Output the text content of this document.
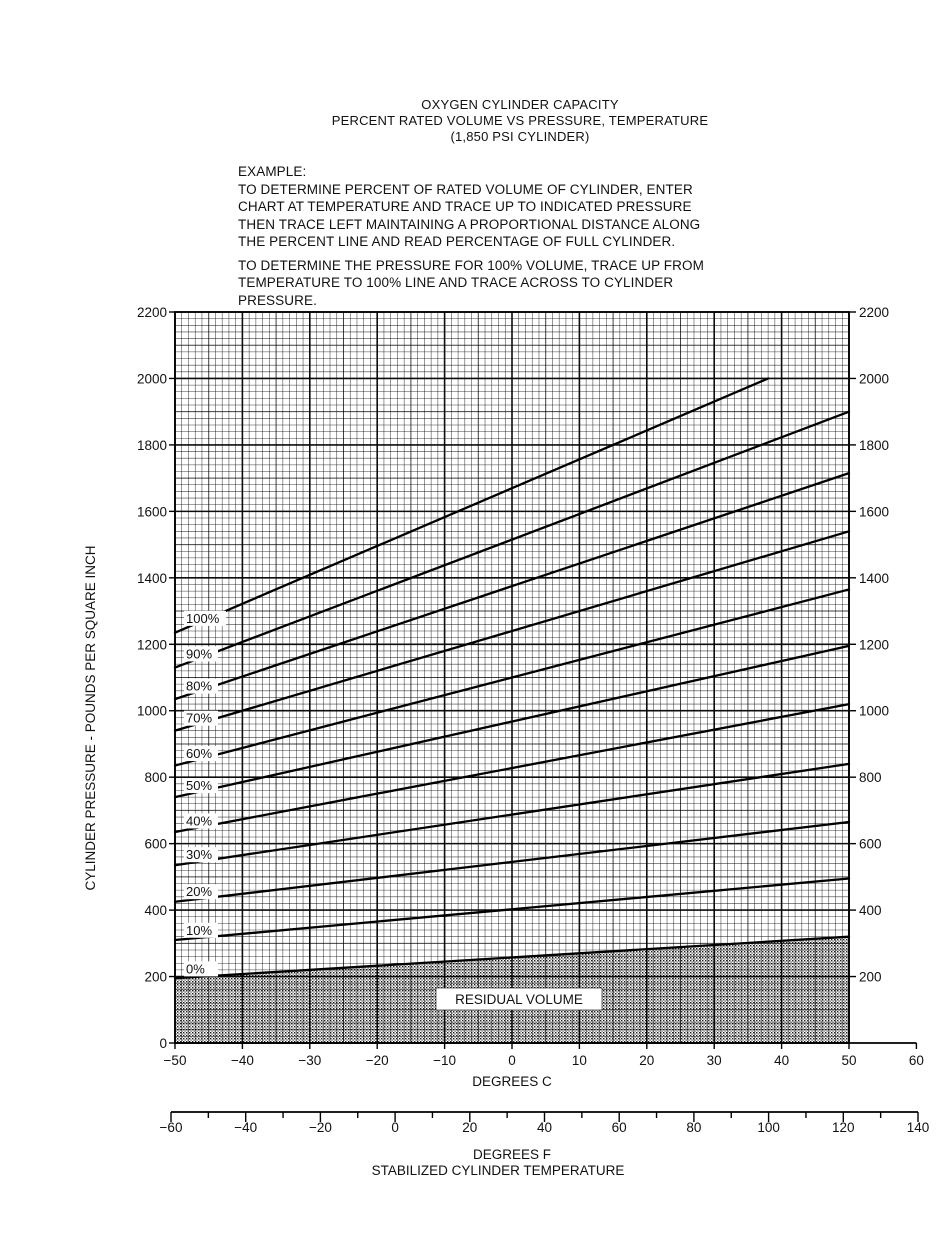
OXYGEN CYLINDER CAPACITY
PERCENT RATED VOLUME VS PRESSURE, TEMPERATURE
(1,850 PSI CYLINDER)
EXAMPLE:
TO DETERMINE PERCENT OF RATED VOLUME OF CYLINDER, ENTER
CHART AT TEMPERATURE AND TRACE UP TO INDICATED PRESSURE
THEN TRACE LEFT MAINTAINING A PROPORTIONAL DISTANCE ALONG
THE PERCENT LINE AND READ PERCENTAGE OF FULL CYLINDER.
TO DETERMINE THE PRESSURE FOR 100% VOLUME, TRACE UP FROM
TEMPERATURE TO 100% LINE AND TRACE ACROSS TO CYLINDER
PRESSURE.
0
200
400
600
800
1000
1200
1400
1600
1800
2000
2200
200
400
600
800
1000
1200
1400
1600
1800
2000
2200
−50	−40	−30	−20	−10	0	10	20	30	40	50	60
DEGREES C
−60	−40	−20	0	20	40	60	80	100	120	140
DEGREES F
STABILIZED CYLINDER TEMPERATURE
CYLINDER PRESSURE - POUNDS PER SQUARE INCH
0%
10%
20%
30%
40%
50%
60%
70%
80%
90%
100%
RESIDUAL VOLUME
